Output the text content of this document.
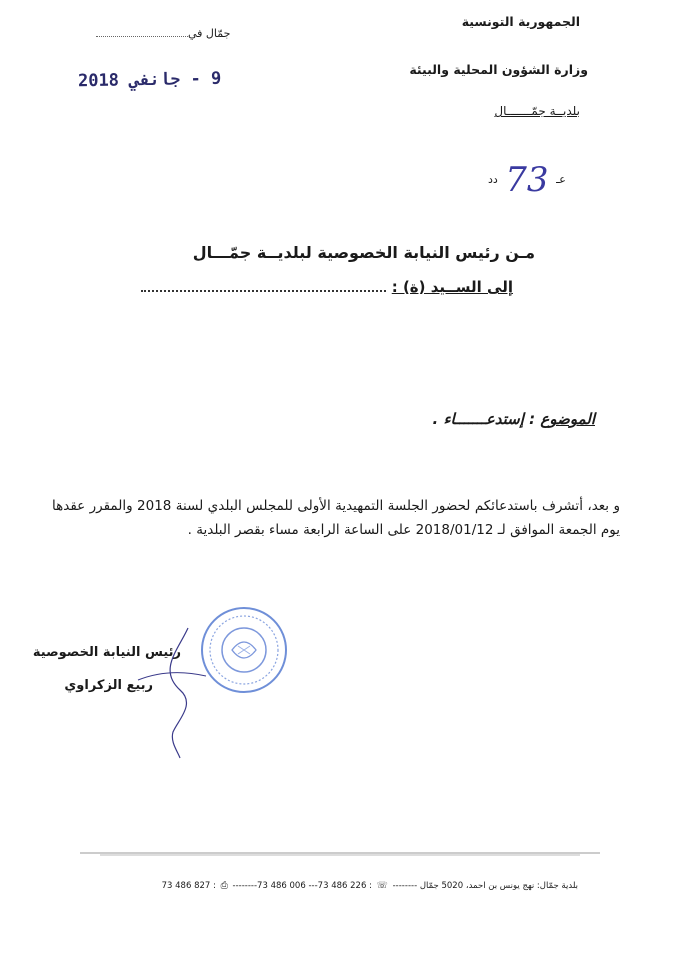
الجمهورية التونسية
وزارة الشؤون المحلية والبيئة
بلديــة جمّـــــــال
جمّال في
9 - جانفي 2018
عـ 73 دد
مـن رئيس النيابة الخصوصية لبلديــة جمّـــال
إلى الســيد (ة) :
الموضوع : إستدعـــــــاء .

و بعد، أتشرف باستدعائكم لحضور الجلسة التمهيدية الأولى للمجلس البلدي لسنة 2018 والمقرر عقدها يوم الجمعة الموافق لـ 2018/01/12 على الساعة الرابعة مساء بقصر البلدية .

رئيس النيابة الخصوصية
ربيع الزكراوي
بلدية جمّال: نهج يونس بن احمد، 5020 جمّال -------- ☏ : 226 486 73--- 006 486 73-------- ⎙ : 827 486 73
